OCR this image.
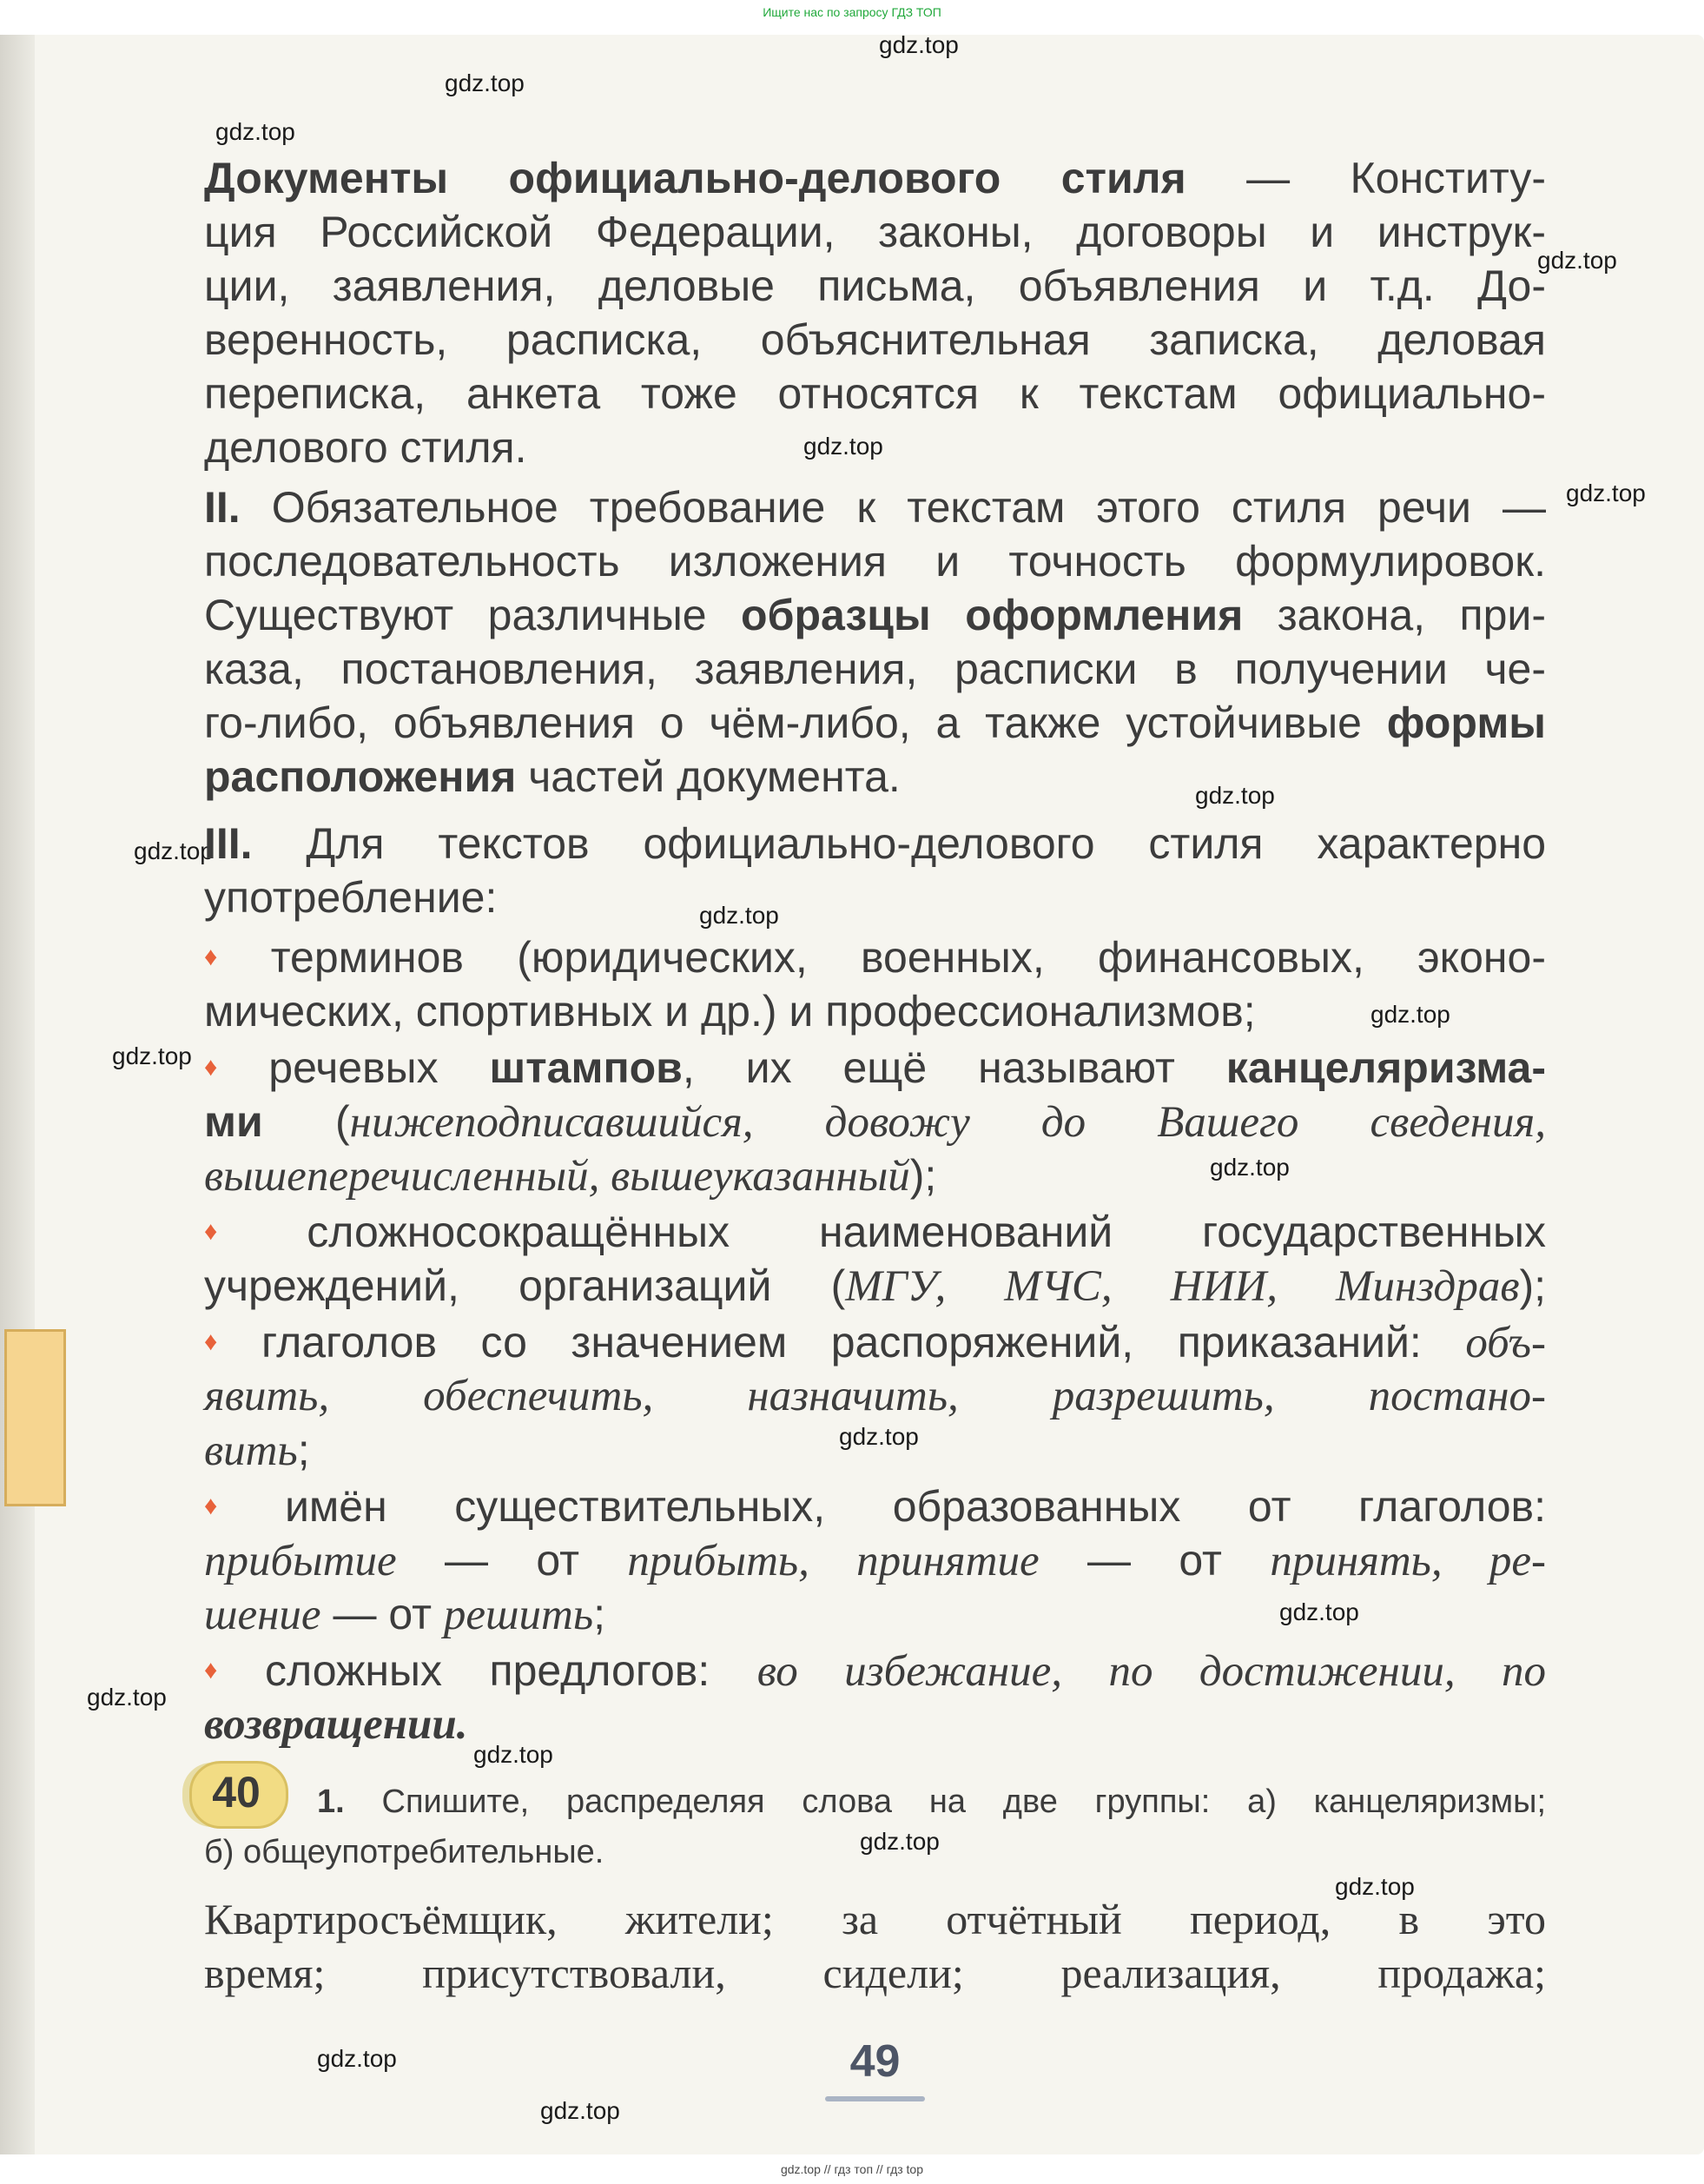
Ищите нас по запросу ГДЗ ТОП
gdz.top
gdz.top
gdz.top
gdz.top
gdz.top
gdz.top
gdz.top
gdz.top
gdz.top
gdz.top
gdz.top
gdz.top
gdz.top
gdz.top
gdz.top
gdz.top
gdz.top
gdz.top
gdz.top
gdz.top
Документы официально-делового стиля — Конститу-
ция Российской Федерации, законы, договоры и инструк-
ции, заявления, деловые письма, объявления и т.д. До-
веренность, расписка, объяснительная записка, деловая
переписка, анкета тоже относятся к текстам официально-
делового стиля.
II. Обязательное требование к текстам этого стиля речи —
последовательность изложения и точность формулировок.
Существуют различные образцы оформления закона, при-
каза, постановления, заявления, расписки в получении че-
го-либо, объявления о чём-либо, а также устойчивые формы
расположения частей документа.
III. Для текстов официально-делового стиля характерно
употребление:
♦ терминов (юридических, военных, финансовых, эконо-
мических, спортивных и др.) и профессионализмов;
♦ речевых штампов, их ещё называют канцеляризма-
ми (нижеподписавшийся, довожу до Вашего сведения,
вышеперечисленный, вышеуказанный);
♦ сложносокращённых наименований государственных
учреждений, организаций (МГУ, МЧС, НИИ, Минздрав);
♦ глаголов со значением распоряжений, приказаний: объ-
явить, обеспечить, назначить, разрешить, постано-
вить;
♦ имён существительных, образованных от глаголов:
прибытие — от прибыть, принятие — от принять, ре-
шение — от решить;
♦ сложных предлогов: во избежание, по достижении, по
возвращении.
40	1. Спишите, распределяя слова на две группы: а) канцеляризмы;
б) общеупотребительные.
Квартиросъёмщик, жители; за отчётный период, в это
время; присутствовали, сидели; реализация, продажа;
49
gdz.top // гдз топ // гдз top
